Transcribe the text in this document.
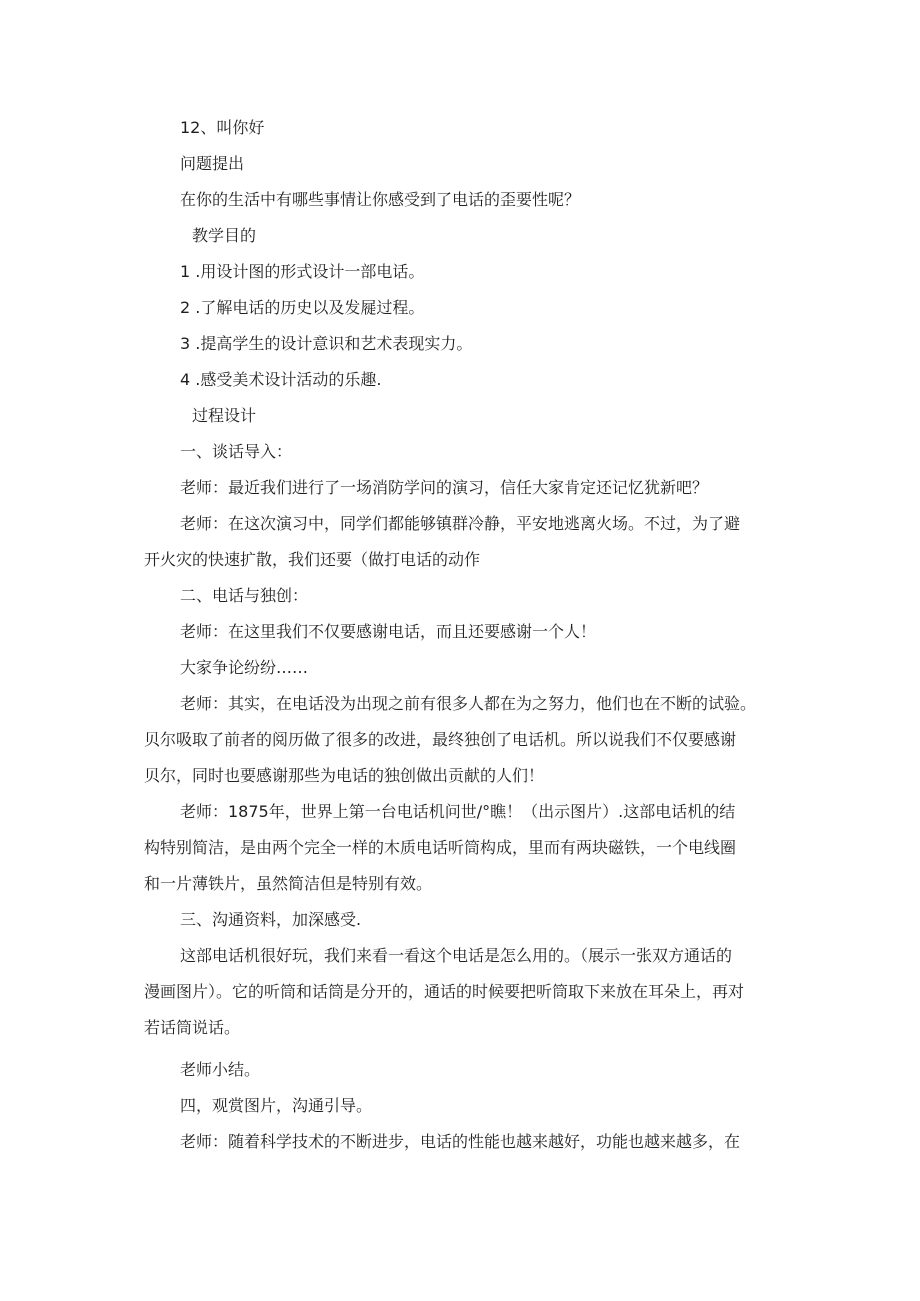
12、叫你好
问题提出
在你的生活中有哪些事情让你感受到了电话的歪要性呢？
教学目的
1 .用设计图的形式设计一部电话。
2 .了解电话的历史以及发屣过程。
3 .提高学生的设计意识和艺术表现实力。
4 .感受美术设计活动的乐趣.
过程设计
一、谈话导入：
老师：最近我们进行了一场消防学问的演习，信任大家肯定还记忆犹新吧？
老师：在这次演习中，同学们都能够镇群冷静，平安地逃离火场。不过，为了避
开火灾的快速扩散，我们还要（做打电话的动作
二、电话与独创：
老师：在这里我们不仅要感谢电话，而且还要感谢一个人！
大家争论纷纷……
老师：其实，在电话没为出现之前有很多人都在为之努力，他们也在不断的试验。
贝尔吸取了前者的阅历做了很多的改进，最终独创了电话机。所以说我们不仅要感谢
贝尔，同时也要感谢那些为电话的独创做出贡献的人们！
老师：1875年，世界上第一台电话机问世/°瞧！（出示图片）.这部电话机的结
构特别简洁，是由两个完全一样的木质电话听筒构成，里而有两块磁铁，一个电线圈
和一片薄铁片，虽然简洁但是特别有效。
三、沟通资料，加深感受.
这部电话机很好玩，我们来看一看这个电话是怎么用的。（展示一张双方通话的
漫画图片）。它的听筒和话筒是分开的，通话的时候要把听筒取下来放在耳朵上，再对
若话筒说话。
老师小结。
四，观赏图片，沟通引导。
老师：随着科学技术的不断进步，电话的性能也越来越好，功能也越来越多，在
